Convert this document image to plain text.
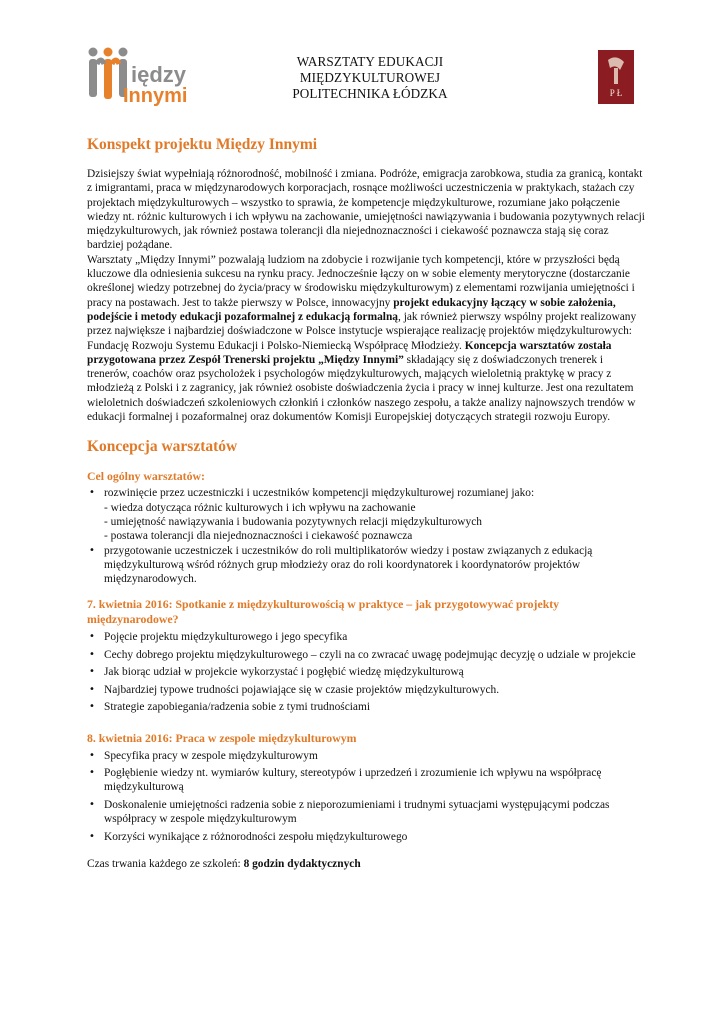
iędzy
Innymi
WARSZTATY EDUKACJI
MIĘDZYKULTUROWEJ
POLITECHNIKA ŁÓDZKA	P Ł
Konspekt projektu Między Innymi

Dzisiejszy świat wypełniają różnorodność, mobilność i zmiana. Podróże, emigracja zarobkowa, studia za granicą, kontakt z imigrantami, praca w międzynarodowych korporacjach, rosnące możliwości uczestniczenia w praktykach, stażach czy projektach międzykulturowych – wszystko to sprawia, że kompetencje międzykulturowe, rozumiane jako połączenie wiedzy nt. różnic kulturowych i ich wpływu na zachowanie, umiejętności nawiązywania i budowania pozytywnych relacji międzykulturowych, jak również postawa tolerancji dla niejednoznaczności i ciekawość poznawcza stają się coraz bardziej pożądane.

Warsztaty „Między Innymi” pozwalają ludziom na zdobycie i rozwijanie tych kompetencji, które w przyszłości będą kluczowe dla odniesienia sukcesu na rynku pracy. Jednocześnie łączy on w sobie elementy merytoryczne (dostarczanie określonej wiedzy potrzebnej do życia/pracy w środowisku międzykulturowym) z elementami rozwijania umiejętności i pracy na postawach. Jest to także pierwszy w Polsce, innowacyjny projekt edukacyjny łączący w sobie założenia, podejście i metody edukacji pozaformalnej z edukacją formalną, jak również pierwszy wspólny projekt realizowany przez największe i najbardziej doświadczone w Polsce instytucje wspierające realizację projektów międzykulturowych: Fundację Rozwoju Systemu Edukacji i Polsko-Niemiecką Współpracę Młodzieży. Koncepcja warsztatów została przygotowana przez Zespół Trenerski projektu „Między Innymi” składający się z doświadczonych trenerek i trenerów, coachów oraz psycholożek i psychologów międzykulturowych, mających wieloletnią praktykę w pracy z młodzieżą z Polski i z zagranicy, jak również osobiste doświadczenia życia i pracy w innej kulturze. Jest ona rezultatem wieloletnich doświadczeń szkoleniowych członkiń i członków naszego zespołu, a także analizy najnowszych trendów w edukacji formalnej i pozaformalnej oraz dokumentów Komisji Europejskiej dotyczących strategii rozwoju Europy.

Koncepcja warsztatów
Cel ogólny warsztatów:
• rozwinięcie przez uczestniczki i uczestników kompetencji międzykulturowej rozumianej jako:
- wiedza dotycząca różnic kulturowych i ich wpływu na zachowanie
- umiejętność nawiązywania i budowania pozytywnych relacji międzykulturowych
- postawa tolerancji dla niejednoznaczności i ciekawość poznawcza
• przygotowanie uczestniczek i uczestników do roli multiplikatorów wiedzy i postaw związanych z edukacją międzykulturową wśród różnych grup młodzieży oraz do roli koordynatorek i koordynatorów projektów międzynarodowych.
7. kwietnia 2016: Spotkanie z międzykulturowością w praktyce – jak przygotowywać projekty międzynarodowe?
• Pojęcie projektu międzykulturowego i jego specyfika
• Cechy dobrego projektu międzykulturowego – czyli na co zwracać uwagę podejmując decyzję o udziale w projekcie
• Jak biorąc udział w projekcie wykorzystać i pogłębić wiedzę międzykulturową
• Najbardziej typowe trudności pojawiające się w czasie projektów międzykulturowych.
• Strategie zapobiegania/radzenia sobie z tymi trudnościami
8. kwietnia 2016: Praca w zespole międzykulturowym
• Specyfika pracy w zespole międzykulturowym
• Pogłębienie wiedzy nt. wymiarów kultury, stereotypów i uprzedzeń i zrozumienie ich wpływu na współpracę międzykulturową
• Doskonalenie umiejętności radzenia sobie z nieporozumieniami i trudnymi sytuacjami występującymi podczas współpracy w zespole międzykulturowym
• Korzyści wynikające z różnorodności zespołu międzykulturowego

Czas trwania każdego ze szkoleń: 8 godzin dydaktycznych
